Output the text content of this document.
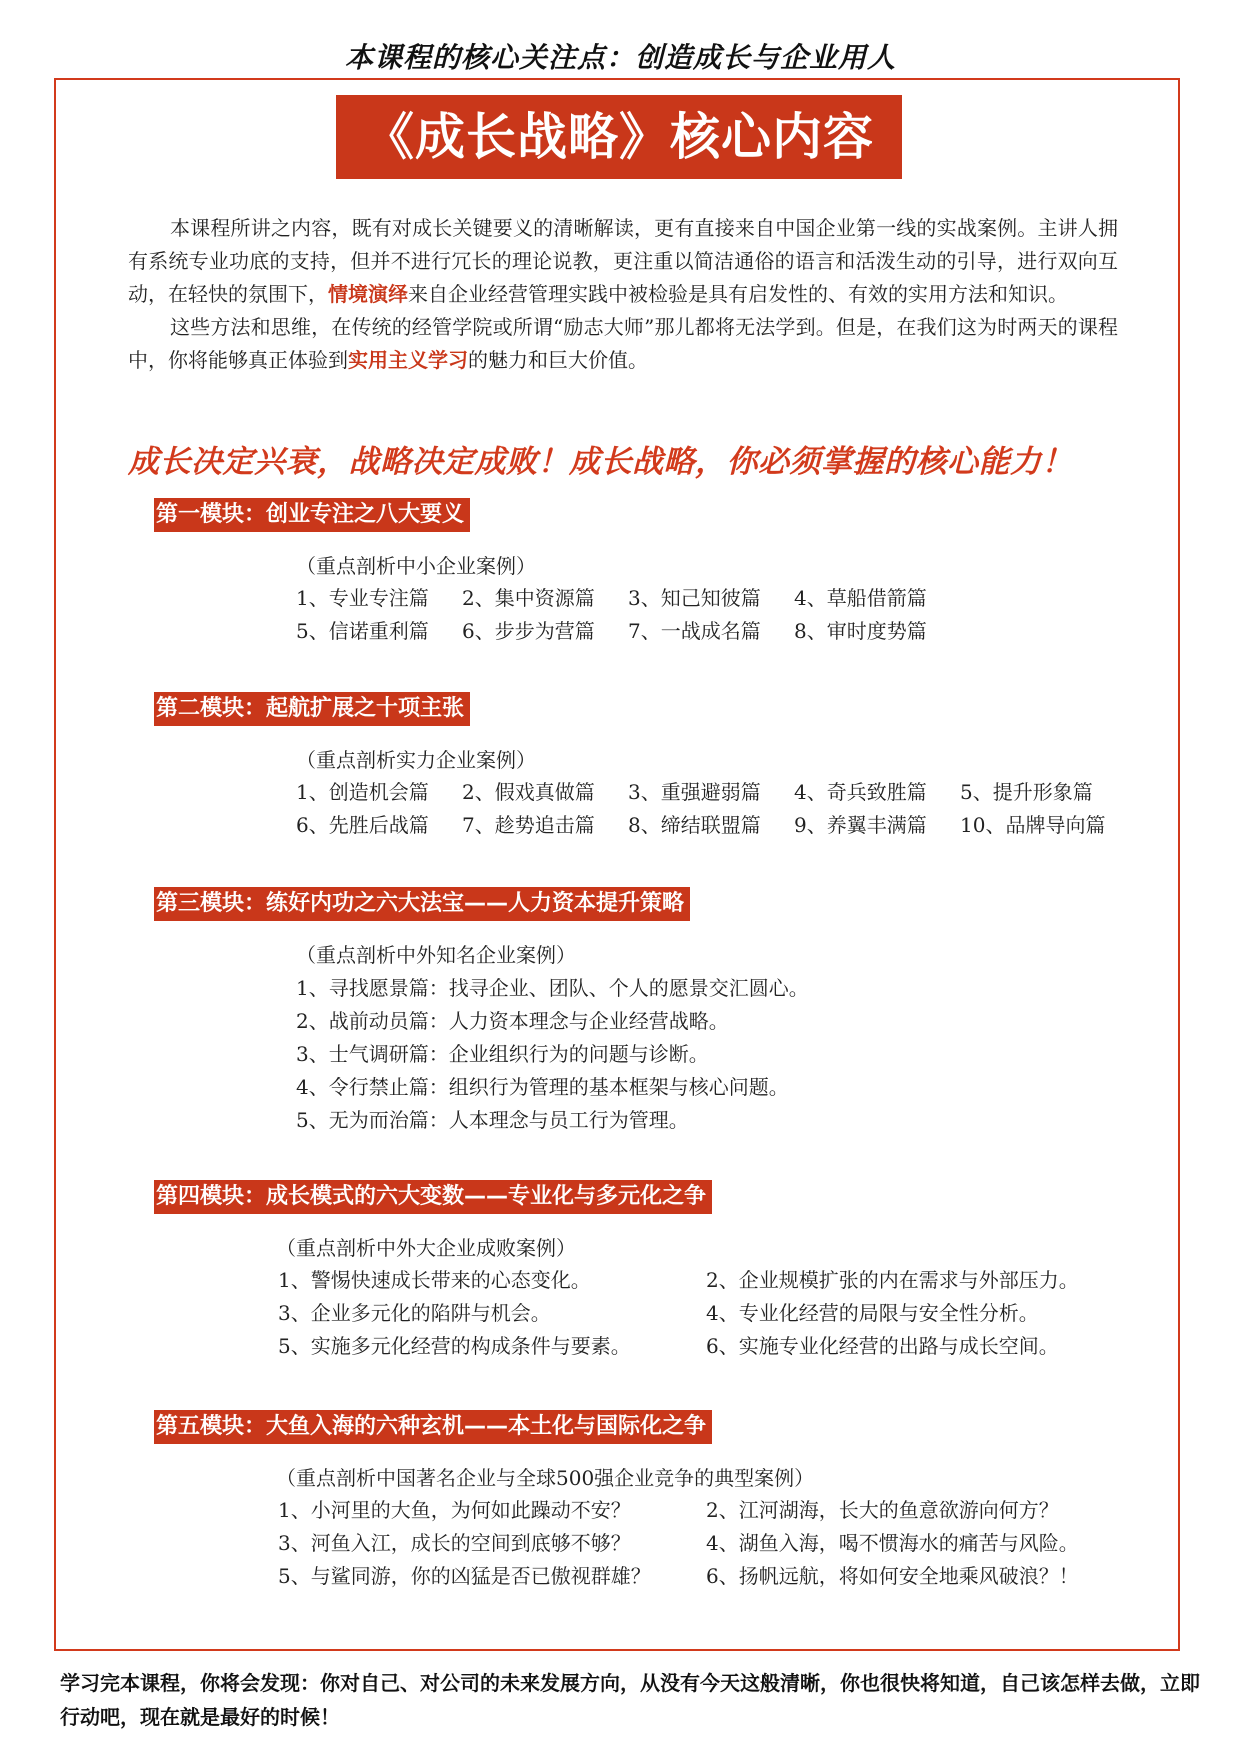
本课程的核心关注点：创造成长与企业用人
《成长战略》核心内容

本课程所讲之内容，既有对成长关键要义的清晰解读，更有直接来自中国企业第一线的实战案例。主讲人拥有系统专业功底的支持，但并不进行冗长的理论说教，更注重以简洁通俗的语言和活泼生动的引导，进行双向互动，在轻快的氛围下，情境演绎来自企业经营管理实践中被检验是具有启发性的、有效的实用方法和知识。

这些方法和思维，在传统的经管学院或所谓“励志大师”那儿都将无法学到。但是，在我们这为时两天的课程中，你将能够真正体验到实用主义学习的魅力和巨大价值。

成长决定兴衰，战略决定成败！成长战略，你必须掌握的核心能力！
第一模块：创业专注之八大要义
（重点剖析中小企业案例）
1、专业专注篇	2、集中资源篇	3、知己知彼篇	4、草船借箭篇
5、信诺重利篇	6、步步为营篇	7、一战成名篇	8、审时度势篇
第二模块：起航扩展之十项主张
（重点剖析实力企业案例）
1、创造机会篇	2、假戏真做篇	3、重强避弱篇	4、奇兵致胜篇	5、提升形象篇
6、先胜后战篇	7、趁势追击篇	8、缔结联盟篇	9、养翼丰满篇	10、品牌导向篇
第三模块：练好内功之六大法宝——人力资本提升策略
（重点剖析中外知名企业案例）
1、寻找愿景篇：找寻企业、团队、个人的愿景交汇圆心。
2、战前动员篇：人力资本理念与企业经营战略。
3、士气调研篇：企业组织行为的问题与诊断。
4、令行禁止篇：组织行为管理的基本框架与核心问题。
5、无为而治篇：人本理念与员工行为管理。
第四模块：成长模式的六大变数——专业化与多元化之争
（重点剖析中外大企业成败案例）
1、警惕快速成长带来的心态变化。	2、企业规模扩张的内在需求与外部压力。
3、企业多元化的陷阱与机会。	4、专业化经营的局限与安全性分析。
5、实施多元化经营的构成条件与要素。	6、实施专业化经营的出路与成长空间。
第五模块：大鱼入海的六种玄机——本土化与国际化之争
（重点剖析中国著名企业与全球500强企业竞争的典型案例）
1、小河里的大鱼，为何如此躁动不安？	2、江河湖海，长大的鱼意欲游向何方？
3、河鱼入江，成长的空间到底够不够？	4、湖鱼入海，喝不惯海水的痛苦与风险。
5、与鲨同游，你的凶猛是否已傲视群雄？	6、扬帆远航，将如何安全地乘风破浪？！
学习完本课程，你将会发现：你对自己、对公司的未来发展方向，从没有今天这般清晰，你也很快将知道，自己该怎样去做，立即行动吧，现在就是最好的时候！
